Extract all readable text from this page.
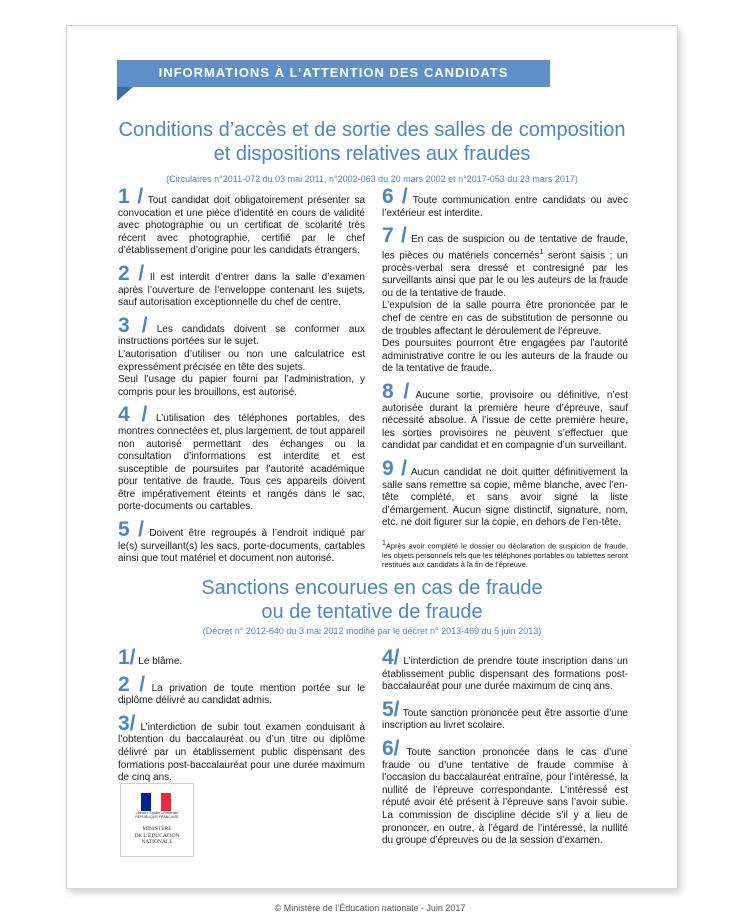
INFORMATIONS À L’ATTENTION DES CANDIDATS
Conditions d’accès et de sortie des salles de composition
et dispositions relatives aux fraudes
(Circulaires n°2011-072 du 03 mai 2011, n°2002-063 du 20 mars 2002 et n°2017-053 du 23 mars 2017)

1 / Tout candidat doit obligatoirement présenter sa convocation et une pièce d’identité en cours de validité avec photographie ou un certificat de scolarité très récent avec photographie, certifié par le chef d’établissement d’origine pour les candidats étrangers.

2 / Il est interdit d’entrer dans la salle d’examen après l’ouverture de l’enveloppe contenant les sujets, sauf autorisation exceptionnelle du chef de centre.

3 / Les candidats doivent se conformer aux instructions portées sur le sujet.

L’autorisation d’utiliser ou non une calculatrice est expressément précisée en tête des sujets.

Seul l’usage du papier fourni par l’administration, y compris pour les brouillons, est autorisé.

4 / L’utilisation des téléphones portables, des montres connectées et, plus largement, de tout appareil non autorisé permettant des échanges ou la consultation d’informations est interdite et est susceptible de poursuites par l’autorité académique pour tentative de fraude. Tous ces appareils doivent être impérativement éteints et rangés dans le sac, porte-documents ou cartables.

5 / Doivent être regroupés à l’endroit indiqué par le(s) surveillant(s) les sacs, porte-documents, cartables ainsi que tout matériel et document non autorisé.

6 / Toute communication entre candidats ou avec l’extérieur est interdite.

7 / En cas de suspicion ou de tentative de fraude, les pièces ou matériels concernés$^1$ seront saisis ; un procès-verbal sera dressé et contresigné par les surveillants ainsi que par le ou les auteurs de la fraude ou de la tentative de fraude.

L’expulsion de la salle pourra être prononcée par le chef de centre en cas de substitution de personne ou de troubles affectant le déroulement de l’épreuve.

Des poursuites pourront être engagées par l’autorité administrative contre le ou les auteurs de la fraude ou de la tentative de fraude.

8 / Aucune sortie, provisoire ou définitive, n’est autorisée durant la première heure d’épreuve, sauf nécessité absolue. À l’issue de cette première heure, les sorties provisoires ne peuvent s’effectuer que candidat par candidat et en compagnie d’un surveillant.

9 / Aucun candidat ne doit quitter définitivement la salle sans remettre sa copie, même blanche, avec l’en-tête complété, et sans avoir signé la liste d’émargement. Aucun signe distinctif, signature, nom, etc. ne doit figurer sur la copie, en dehors de l’en-tête.

$^1$Après avoir complété le dossier ou déclaration de suspicion de fraude, les objets personnels tels que les téléphones portables ou tablettes seront restitués aux candidats à la fin de l’épreuve.
Sanctions encourues en cas de fraude
ou de tentative de fraude
(Décret n° 2012-640 du 3 mai 2012 modifié par le décret n° 2013-469 du 5 juin 2013)

1/ Le blâme.

2 / La privation de toute mention portée sur le diplôme délivré au candidat admis.

3/ L’interdiction de subir tout examen conduisant à l’obtention du baccalauréat ou d’un titre ou diplôme délivré par un établissement public dispensant des formations post-baccalauréat pour une durée maximum de cinq ans.

4/ L’interdiction de prendre toute inscription dans un établissement public dispensant des formations post-baccalauréat pour une durée maximum de cinq ans.

5/ Toute sanction prononcée peut être assortie d’une inscription au livret scolaire.

6/ Toute sanction prononcée dans le cas d’une fraude ou d’une tentative de fraude commise à l’occasion du baccalauréat entraîne, pour l’intéressé, la nullité de l’épreuve correspondante. L’intéressé est réputé avoir été présent à l’épreuve sans l’avoir subie. La commission de discipline décide s’il y a lieu de prononcer, en outre, à l’égard de l’intéressé, la nullité du groupe d’épreuves ou de la session d’examen.

Liberté • Égalité • Fraternité
RÉPUBLIQUE FRANÇAISE
MINISTÈRE
DE L’ÉDUCATION
NATIONALE
© Ministère de l’Éducation nationale - Juin 2017
